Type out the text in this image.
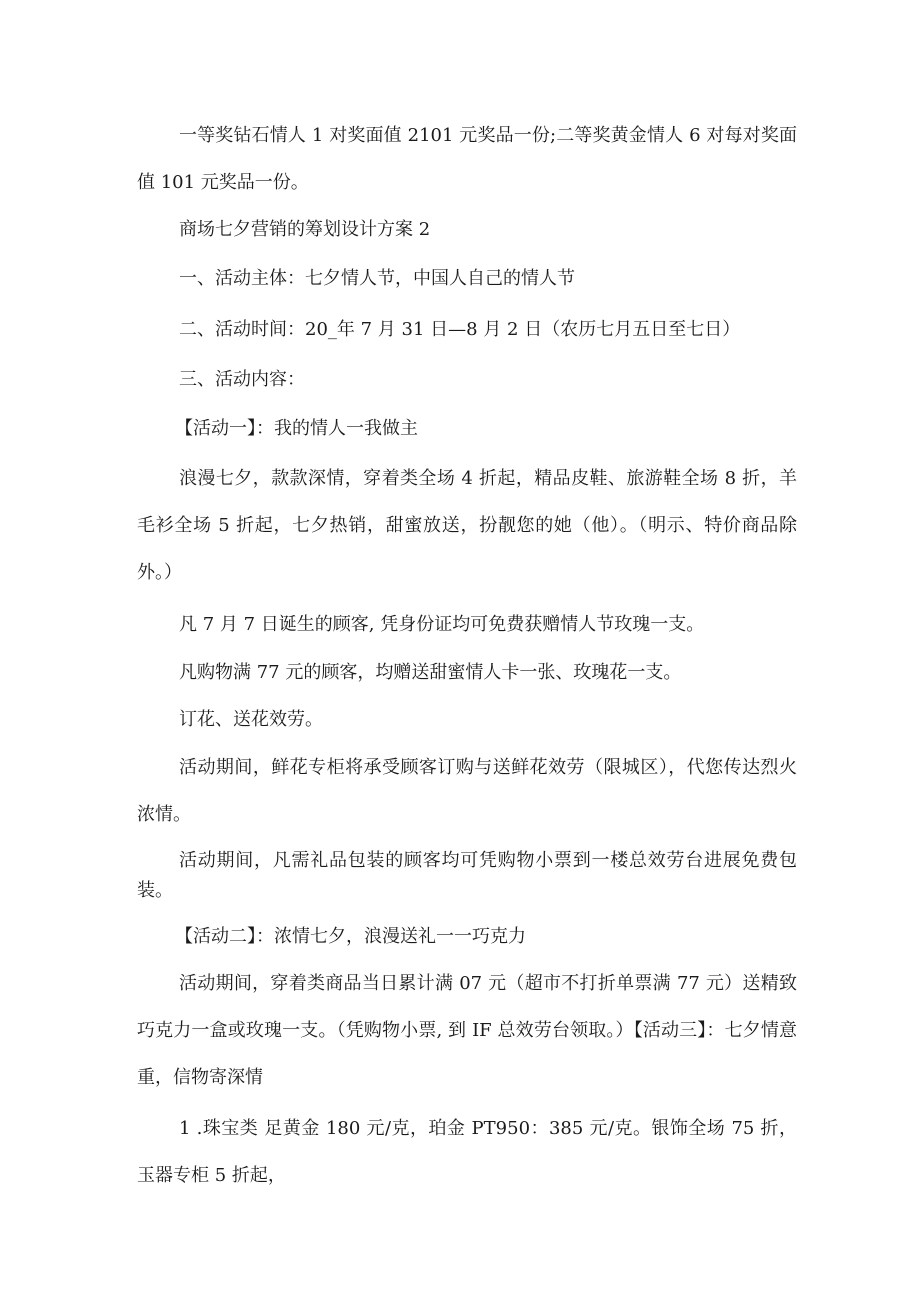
一等奖钻石情人 1 对奖面值 2101 元奖品一份;二等奖黄金情人 6 对每对奖面值 101 元奖品一份。

商场七夕营销的筹划设计方案 2

一、活动主体：七夕情人节，中国人自己的情人节

二、活动时间：20_年 7 月 31 日—8 月 2 日（农历七月五日至七日）

三、活动内容：

【活动一】：我的情人一我做主

浪漫七夕，款款深情，穿着类全场 4 折起，精品皮鞋、旅游鞋全场 8 折，羊毛衫全场 5 折起，七夕热销，甜蜜放送，扮靓您的她（他）。（明示、特价商品除外。）

凡 7 月 7 日诞生的顾客, 凭身份证均可免费获赠情人节玫瑰一支。

凡购物满 77 元的顾客，均赠送甜蜜情人卡一张、玫瑰花一支。

订花、送花效劳。

活动期间，鲜花专柜将承受顾客订购与送鲜花效劳（限城区），代您传达烈火浓情。

活动期间，凡需礼品包装的顾客均可凭购物小票到一楼总效劳台进展免费包装。

【活动二】：浓情七夕，浪漫送礼一一巧克力

活动期间，穿着类商品当日累计满 07 元（超市不打折单票满 77 元）送精致巧克力一盒或玫瑰一支。（凭购物小票, 到 IF 总效劳台领取。）【活动三】：七夕情意重，信物寄深情

1 .珠宝类 足黄金 180 元/克，珀金 PT950：385 元/克。银饰全场 75 折，玉器专柜 5 折起，
